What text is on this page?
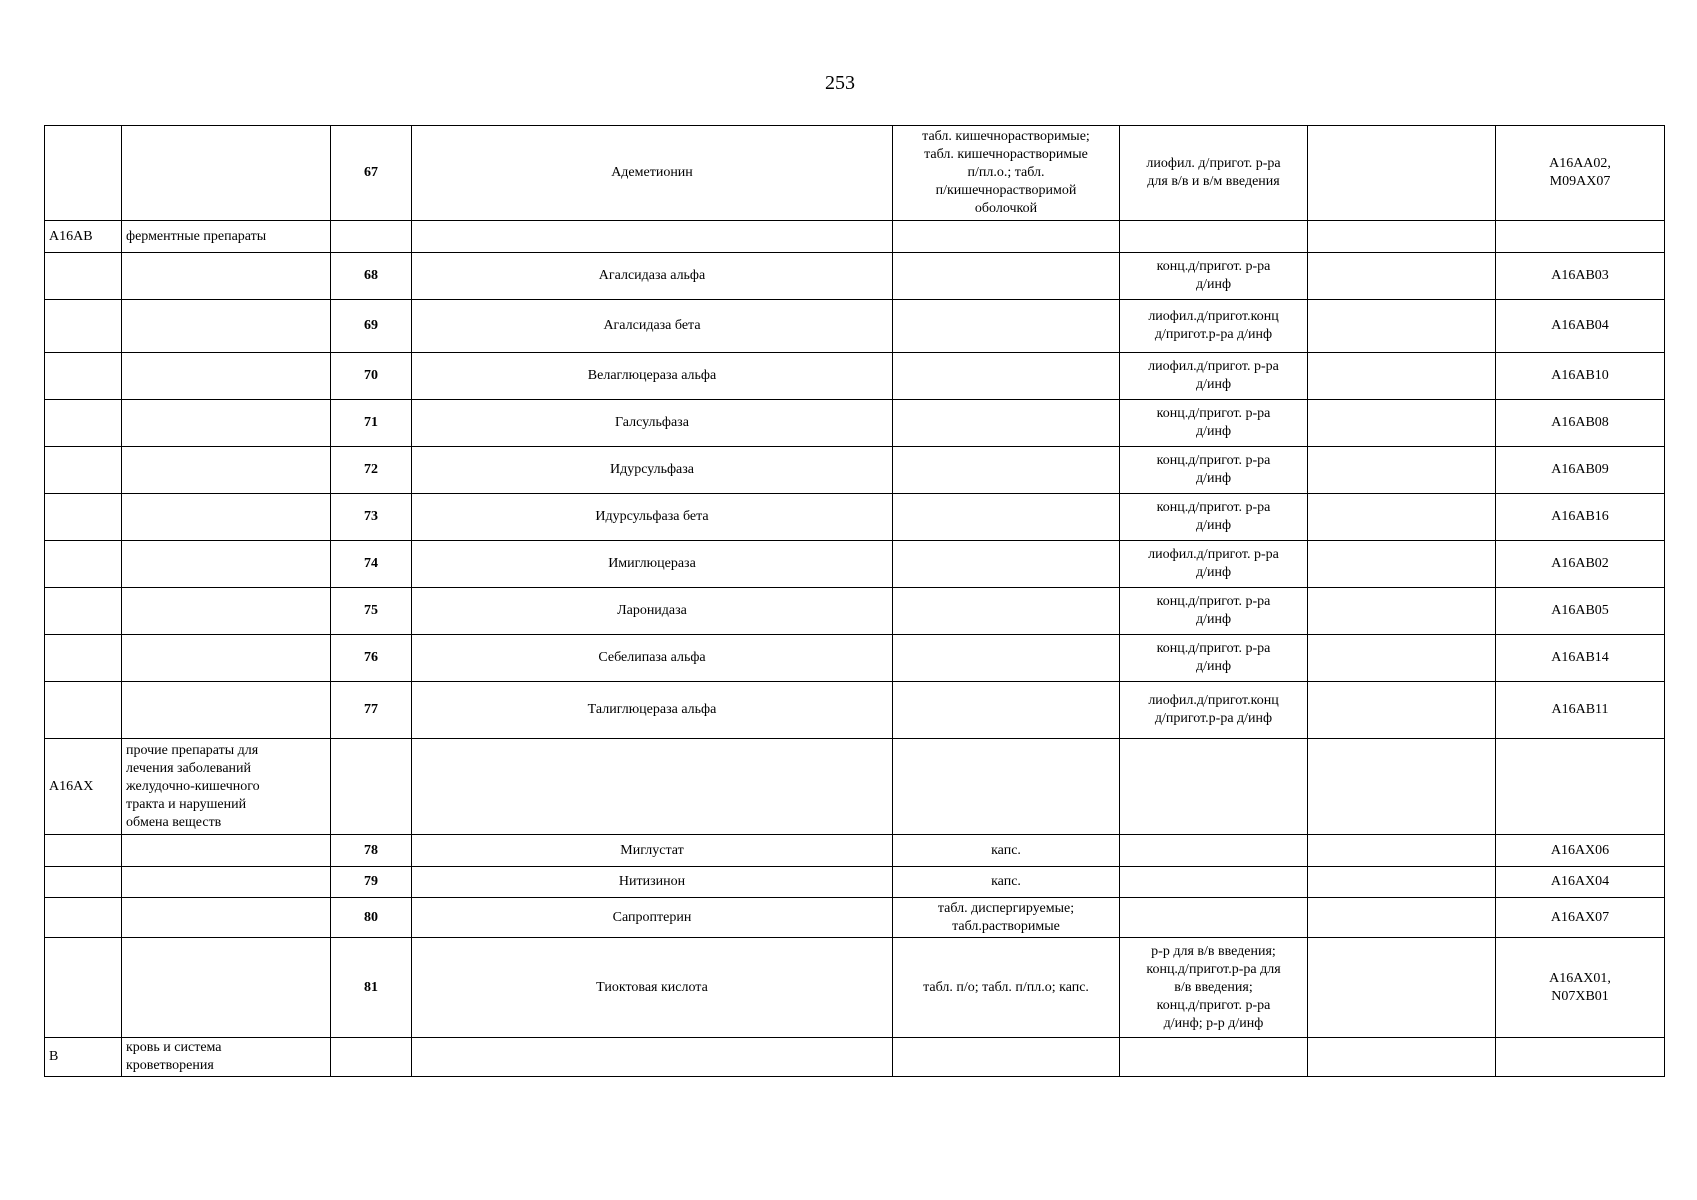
253
		67	Адеметионин	табл. кишечнорастворимые;
табл. кишечнорастворимые
п/пл.о.; табл.
п/кишечнорастворимой
оболочкой	лиофил. д/пригот. р-ра
для в/в и в/м введения		A16AA02,
M09AX07
A16AB	ферментные препараты						
		68	Агалсидаза альфа		конц.д/пригот. р-ра
д/инф		A16AB03
		69	Агалсидаза бета		лиофил.д/пригот.конц
д/пригот.р-ра д/инф		A16AB04
		70	Велаглюцераза альфа		лиофил.д/пригот. р-ра
д/инф		A16AB10
		71	Галсульфаза		конц.д/пригот. р-ра
д/инф		A16AB08
		72	Идурсульфаза		конц.д/пригот. р-ра
д/инф		A16AB09
		73	Идурсульфаза бета		конц.д/пригот. р-ра
д/инф		A16AB16
		74	Имиглюцераза		лиофил.д/пригот. р-ра
д/инф		A16AB02
		75	Ларонидаза		конц.д/пригот. р-ра
д/инф		A16AB05
		76	Себелипаза альфа		конц.д/пригот. р-ра
д/инф		A16AB14
		77	Талиглюцераза альфа		лиофил.д/пригот.конц
д/пригот.р-ра д/инф		A16AB11
A16AX	прочие препараты для
лечения заболеваний
желудочно-кишечного
тракта и нарушений
обмена веществ						
		78	Миглустат	капс.			A16AX06
		79	Нитизинон	капс.			A16AX04
		80	Сапроптерин	табл. диспергируемые;
табл.растворимые			A16AX07
		81	Тиоктовая кислота	табл. п/о; табл. п/пл.о; капс.	р-р для в/в введения;
конц.д/пригот.р-ра для
в/в введения;
конц.д/пригот. р-ра
д/инф; р-р д/инф		A16AX01,
N07XB01
B	кровь и система
кроветворения						
